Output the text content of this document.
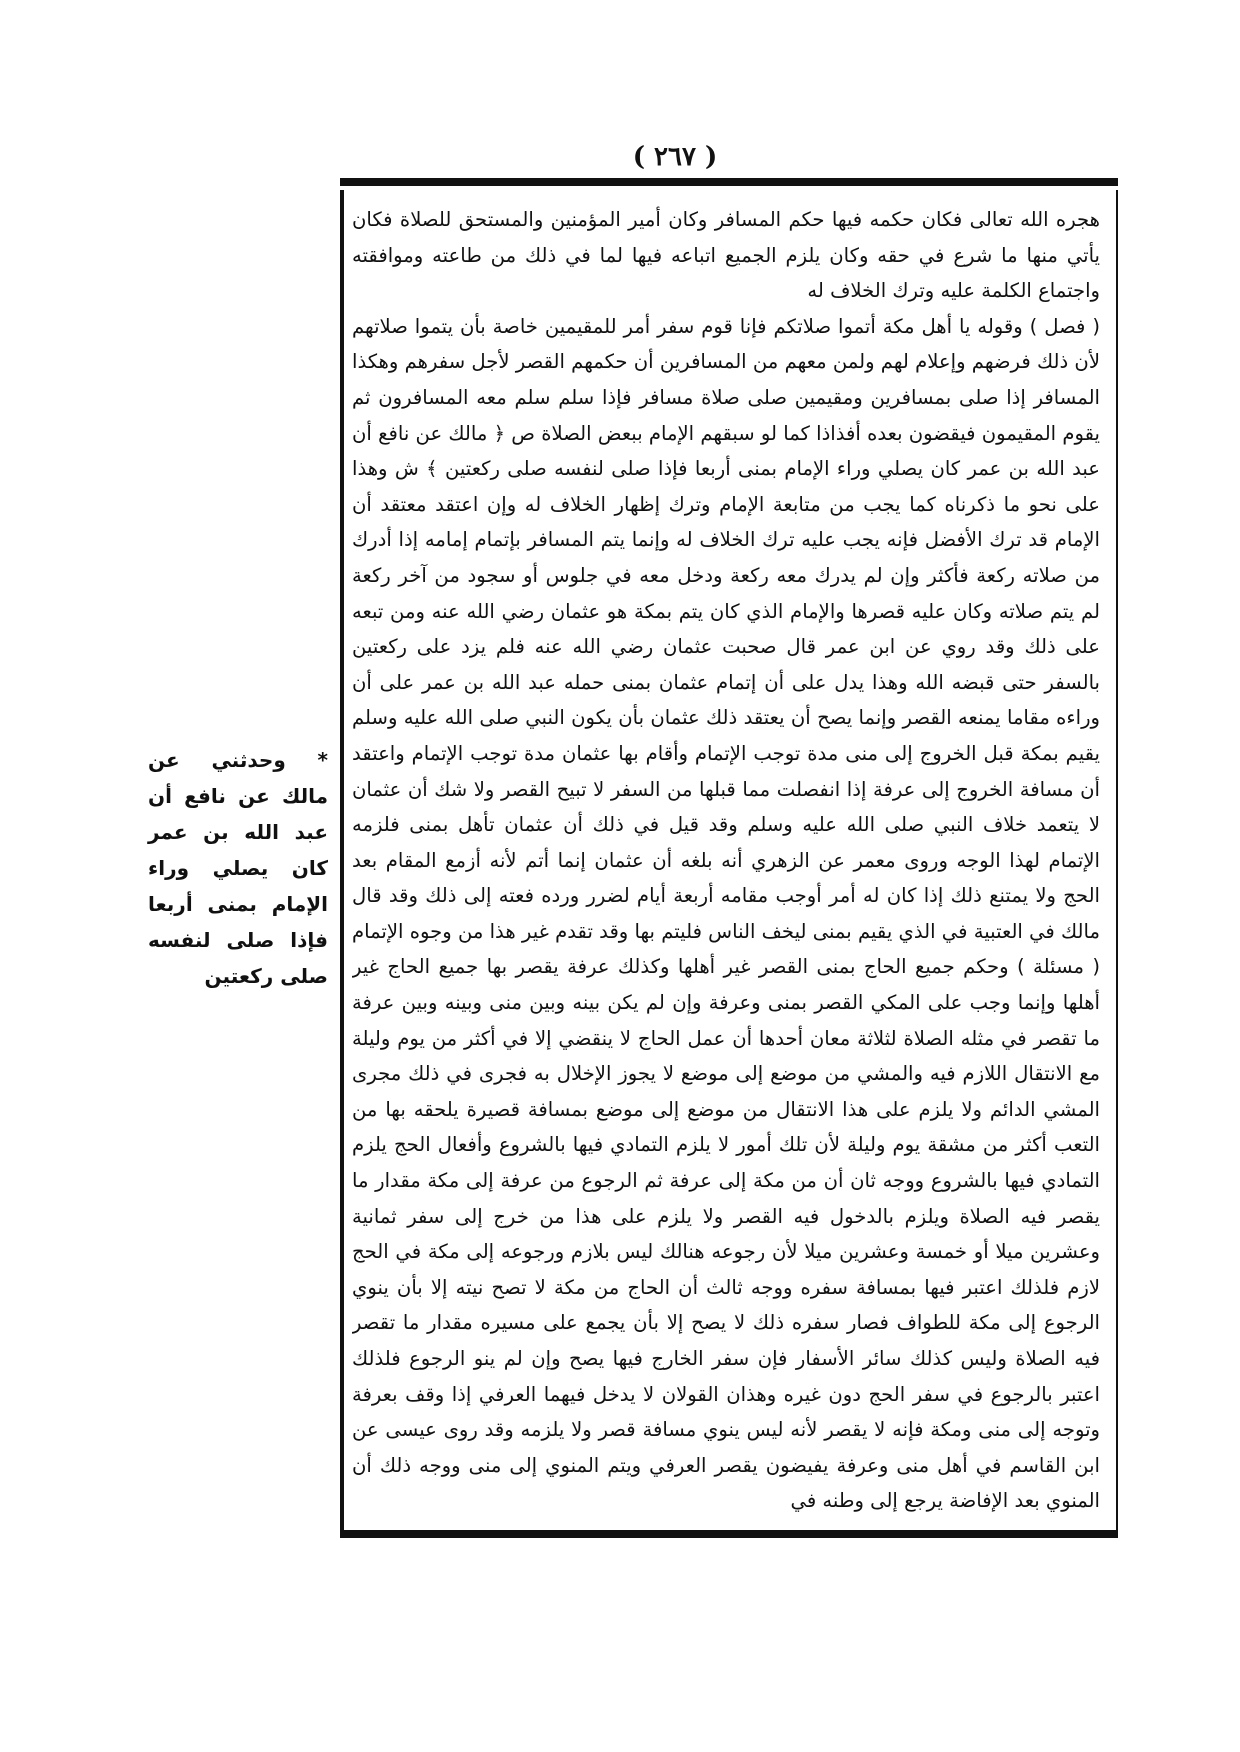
( ٢٦٧ )

هجره الله تعالى فكان حكمه فيها حكم المسافر وكان أمير المؤمنين والمستحق للصلاة فكان يأتي منها ما شرع في حقه وكان يلزم الجميع اتباعه فيها لما في ذلك من طاعته وموافقته واجتماع الكلمة عليه وترك الخلاف له

( فصل ) وقوله يا أهل مكة أتموا صلاتكم فإنا قوم سفر أمر للمقيمين خاصة بأن يتموا صلاتهم لأن ذلك فرضهم وإعلام لهم ولمن معهم من المسافرين أن حكمهم القصر لأجل سفرهم وهكذا المسافر إذا صلى بمسافرين ومقيمين صلى صلاة مسافر فإذا سلم سلم معه المسافرون ثم يقوم المقيمون فيقضون بعده أفذاذا كما لو سبقهم الإمام ببعض الصلاة ص ﴿ مالك عن نافع أن عبد الله بن عمر كان يصلي وراء الإمام بمنى أربعا فإذا صلى لنفسه صلى ركعتين ﴾ ش وهذا على نحو ما ذكرناه كما يجب من متابعة الإمام وترك إظهار الخلاف له وإن اعتقد معتقد أن الإمام قد ترك الأفضل فإنه يجب عليه ترك الخلاف له وإنما يتم المسافر بإتمام إمامه إذا أدرك من صلاته ركعة فأكثر وإن لم يدرك معه ركعة ودخل معه في جلوس أو سجود من آخر ركعة لم يتم صلاته وكان عليه قصرها والإمام الذي كان يتم بمكة هو عثمان رضي الله عنه ومن تبعه على ذلك وقد روي عن ابن عمر قال صحبت عثمان رضي الله عنه فلم يزد على ركعتين بالسفر حتى قبضه الله وهذا يدل على أن إتمام عثمان بمنى حمله عبد الله بن عمر على أن وراءه مقاما يمنعه القصر وإنما يصح أن يعتقد ذلك عثمان بأن يكون النبي صلى الله عليه وسلم يقيم بمكة قبل الخروج إلى منى مدة توجب الإتمام وأقام بها عثمان مدة توجب الإتمام واعتقد أن مسافة الخروج إلى عرفة إذا انفصلت مما قبلها من السفر لا تبيح القصر ولا شك أن عثمان لا يتعمد خلاف النبي صلى الله عليه وسلم وقد قيل في ذلك أن عثمان تأهل بمنى فلزمه الإتمام لهذا الوجه وروى معمر عن الزهري أنه بلغه أن عثمان إنما أتم لأنه أزمع المقام بعد الحج ولا يمتنع ذلك إذا كان له أمر أوجب مقامه أربعة أيام لضرر ورده فعته إلى ذلك وقد قال مالك في العتبية في الذي يقيم بمنى ليخف الناس فليتم بها وقد تقدم غير هذا من وجوه الإتمام ( مسئلة ) وحكم جميع الحاج بمنى القصر غير أهلها وكذلك عرفة يقصر بها جميع الحاج غير أهلها وإنما وجب على المكي القصر بمنى وعرفة وإن لم يكن بينه وبين منى وبينه وبين عرفة ما تقصر في مثله الصلاة لثلاثة معان أحدها أن عمل الحاج لا ينقضي إلا في أكثر من يوم وليلة مع الانتقال اللازم فيه والمشي من موضع إلى موضع لا يجوز الإخلال به فجرى في ذلك مجرى المشي الدائم ولا يلزم على هذا الانتقال من موضع إلى موضع بمسافة قصيرة يلحقه بها من التعب أكثر من مشقة يوم وليلة لأن تلك أمور لا يلزم التمادي فيها بالشروع وأفعال الحج يلزم التمادي فيها بالشروع ووجه ثان أن من مكة إلى عرفة ثم الرجوع من عرفة إلى مكة مقدار ما يقصر فيه الصلاة ويلزم بالدخول فيه القصر ولا يلزم على هذا من خرج إلى سفر ثمانية وعشرين ميلا أو خمسة وعشرين ميلا لأن رجوعه هنالك ليس بلازم ورجوعه إلى مكة في الحج لازم فلذلك اعتبر فيها بمسافة سفره ووجه ثالث أن الحاج من مكة لا تصح نيته إلا بأن ينوي الرجوع إلى مكة للطواف فصار سفره ذلك لا يصح إلا بأن يجمع على مسيره مقدار ما تقصر فيه الصلاة وليس كذلك سائر الأسفار فإن سفر الخارج فيها يصح وإن لم ينو الرجوع فلذلك اعتبر بالرجوع في سفر الحج دون غيره وهذان القولان لا يدخل فيهما العرفي إذا وقف بعرفة وتوجه إلى منى ومكة فإنه لا يقصر لأنه ليس ينوي مسافة قصر ولا يلزمه وقد روى عيسى عن ابن القاسم في أهل منى وعرفة يفيضون يقصر العرفي ويتم المنوي إلى منى ووجه ذلك أن المنوي بعد الإفاضة يرجع إلى وطنه في

* وحدثني عن مالك عن نافع أن عبد الله بن عمر كان يصلي وراء الإمام بمنى أربعا فإذا صلى لنفسه صلى ركعتين
